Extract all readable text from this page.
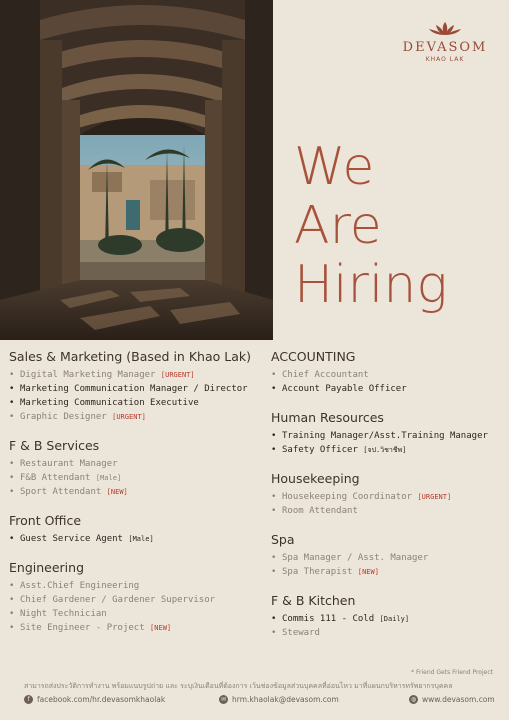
DEVASOM
KHAO LAK
We
Are
Hiring
Sales & Marketing (Based in Khao Lak)
• Digital Marketing Manager [URGENT]
• Marketing Communication Manager / Director
• Marketing Communication Executive
• Graphic Designer [URGENT]
F & B Services
• Restaurant Manager
• F&B Attendant [Male]
• Sport Attendant [NEW]
Front Office
• Guest Service Agent [Male]
Engineering
• Asst.Chief Engineering
• Chief Gardener / Gardener Supervisor
• Night Technician
• Site Engineer - Project [NEW]
ACCOUNTING
• Chief Accountant
• Account Payable Officer
Human Resources
• Training Manager/Asst.Training Manager
• Safety Officer [จป.วิชาชีพ]
Housekeeping
• Housekeeping Coordinator [URGENT]
• Room Attendant
Spa
• Spa Manager / Asst. Manager
• Spa Therapist [NEW]
F & B Kitchen
• Commis 111 - Cold [Daily]
• Steward
* Friend Gets Friend Project
สามารถส่งประวัติการทำงาน พร้อมแนบรูปถ่าย และ ระบุเงินเดือนที่ต้องการ เว้นช่องข้อมูลส่วนบุคคลที่อ่อนไหว มาที่แผนกบริหารทรัพยากรบุคคล
f facebook.com/hr.devasomkhaolak	✉ hrm.khaolak@devasom.com	◍ www.devasom.com
